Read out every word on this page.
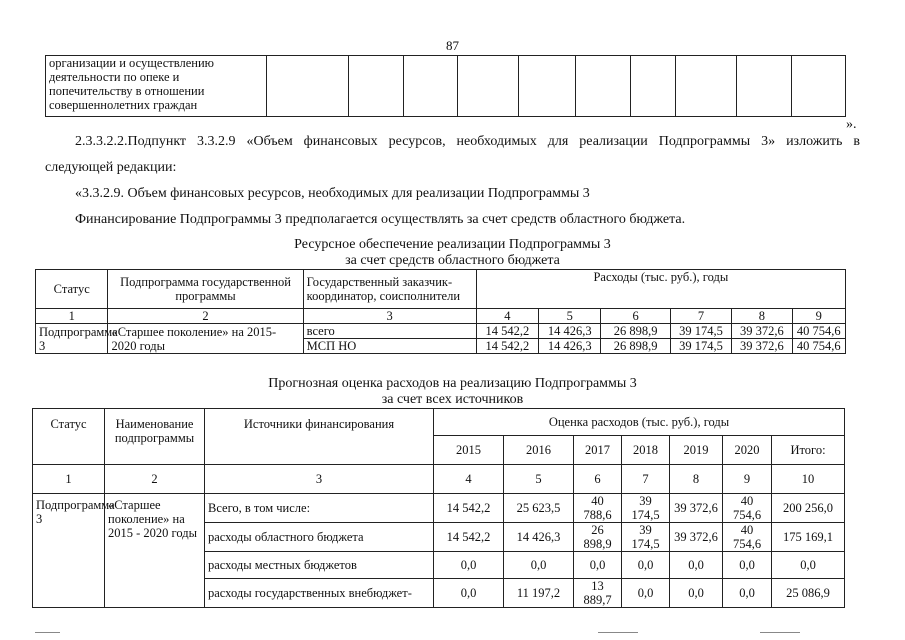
87
организации и осуществлению деятельности по опеке и попечительству в отношении совершеннолетних граждан										
».
2.3.3.2.2.Подпункт 3.3.2.9 «Объем финансовых ресурсов, необходимых для реализации Подпрограммы 3» изложить в
следующей редакции:
«3.3.2.9. Объем финансовых ресурсов, необходимых для реализации Подпрограммы 3
Финансирование Подпрограммы 3 предполагается осуществлять за счет средств областного бюджета.
Ресурсное обеспечение реализации Подпрограммы 3
за счет средств областного бюджета
Статус	Подпрограмма государственной программы	Государственный заказчик-координатор, соисполнители	Расходы (тыс. руб.), годы					
1	2	3	4	5	6	7	8	9
Подпрограмма 3	«Старшее поколение» на 2015-2020 годы	всего	14 542,2	14 426,3	26 898,9	39 174,5	39 372,6	40 754,6
		МСП НО	14 542,2	14 426,3	26 898,9	39 174,5	39 372,6	40 754,6
Прогнозная оценка расходов на реализацию Подпрограммы 3
за счет всех источников
Статус	Наименование подпрограммы	Источники финансирования	Оценка расходов (тыс. руб.), годы						
			2015	2016	2017	2018	2019	2020	Итого:
1	2	3	4	5	6	7	8	9	10
Подпрограмма 3	«Старшее поколение» на 2015 - 2020 годы	Всего, в том числе:	14 542,2	25 623,5	40 788,6	39 174,5	39 372,6	40 754,6	200 256,0
		расходы областного бюджета	14 542,2	14 426,3	26 898,9	39 174,5	39 372,6	40 754,6	175 169,1
		расходы местных бюджетов	0,0	0,0	0,0	0,0	0,0	0,0	0,0
		расходы государственных внебюджет-	0,0	11 197,2	13 889,7	0,0	0,0	0,0	25 086,9
